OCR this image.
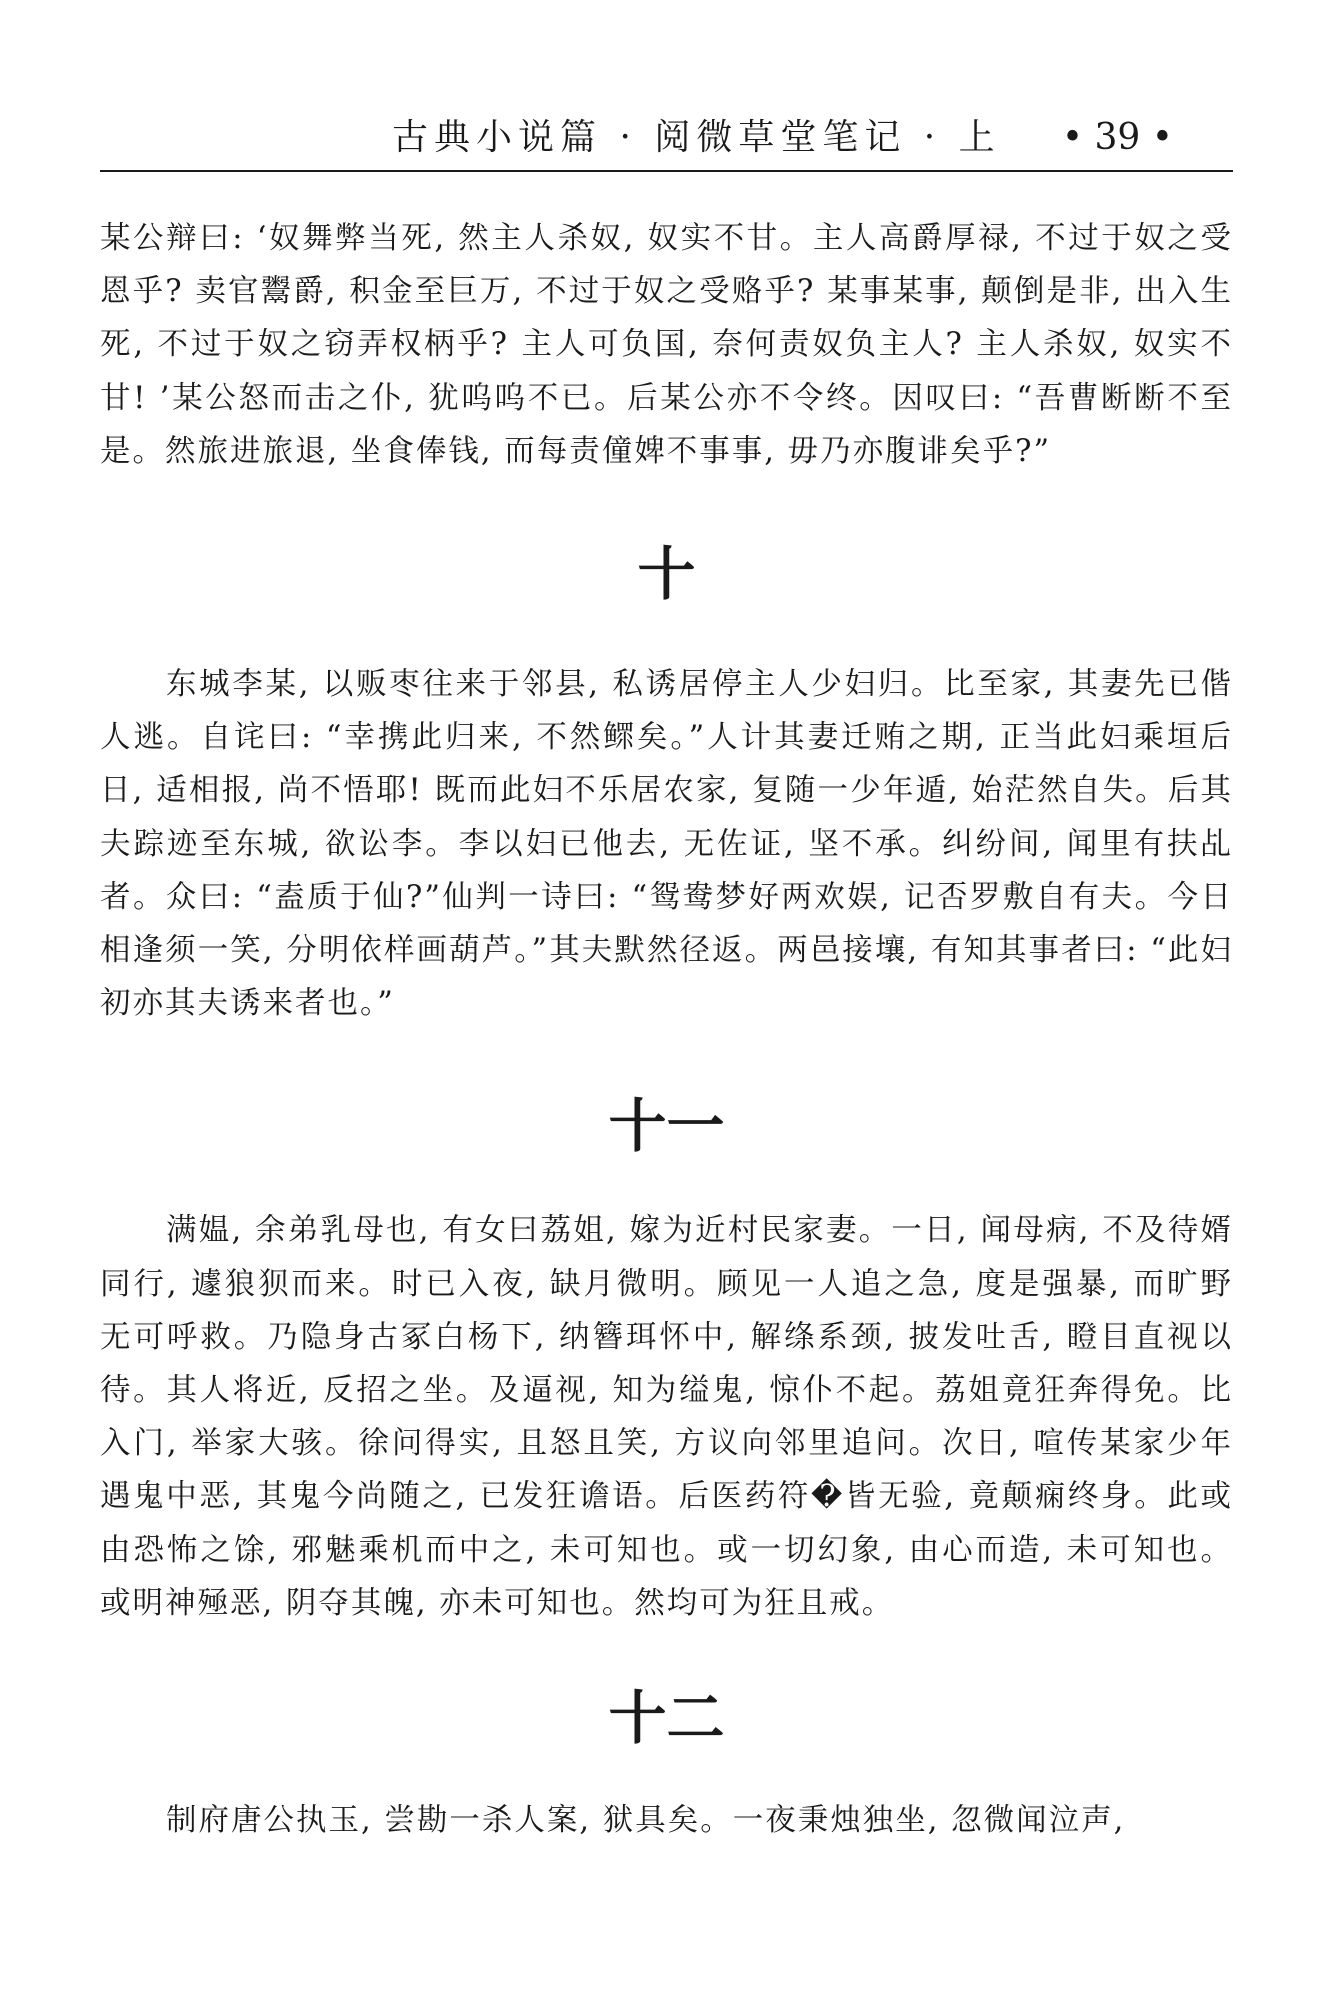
古典小说篇 · 阅微草堂笔记 · 上 • 39 •

某公辩曰: ‘奴舞弊当死, 然主人杀奴, 奴实不甘。主人高爵厚禄, 不过于奴之受恩乎? 卖官鬻爵, 积金至巨万, 不过于奴之受赂乎? 某事某事, 颠倒是非, 出入生死, 不过于奴之窃弄权柄乎? 主人可负国, 奈何责奴负主人? 主人杀奴, 奴实不甘! ’某公怒而击之仆, 犹呜呜不已。后某公亦不令终。因叹曰: “吾曹断断不至是。然旅进旅退, 坐食俸钱, 而每责僮婢不事事, 毋乃亦腹诽矣乎?”

十

东城李某, 以贩枣往来于邻县, 私诱居停主人少妇归。比至家, 其妻先已偕人逃。自诧曰: “幸携此归来, 不然鳏矣。”人计其妻迁贿之期, 正当此妇乘垣后日, 适相报, 尚不悟耶! 既而此妇不乐居农家, 复随一少年遁, 始茫然自失。后其夫踪迹至东城, 欲讼李。李以妇已他去, 无佐证, 坚不承。纠纷间, 闻里有扶乩者。众曰: “盍质于仙?”仙判一诗曰: “鸳鸯梦好两欢娱, 记否罗敷自有夫。今日相逢须一笑, 分明依样画葫芦。”其夫默然径返。两邑接壤, 有知其事者曰: “此妇初亦其夫诱来者也。”

十一

满媪, 余弟乳母也, 有女曰荔姐, 嫁为近村民家妻。一日, 闻母病, 不及待婿同行, 遽狼狈而来。时已入夜, 缺月微明。顾见一人追之急, 度是强暴, 而旷野无可呼救。乃隐身古冢白杨下, 纳簪珥怀中, 解绦系颈, 披发吐舌, 瞪目直视以待。其人将近, 反招之坐。及逼视, 知为缢鬼, 惊仆不起。荔姐竟狂奔得免。比入门, 举家大骇。徐问得实, 且怒且笑, 方议向邻里追问。次日, 喧传某家少年遇鬼中恶, 其鬼今尚随之, 已发狂谵语。后医药符�皆无验, 竟颠痫终身。此或由恐怖之馀, 邪魅乘机而中之, 未可知也。或一切幻象, 由心而造, 未可知也。或明神殛恶, 阴夺其魄, 亦未可知也。然均可为狂且戒。

十二

制府唐公执玉, 尝勘一杀人案, 狱具矣。一夜秉烛独坐, 忽微闻泣声,
